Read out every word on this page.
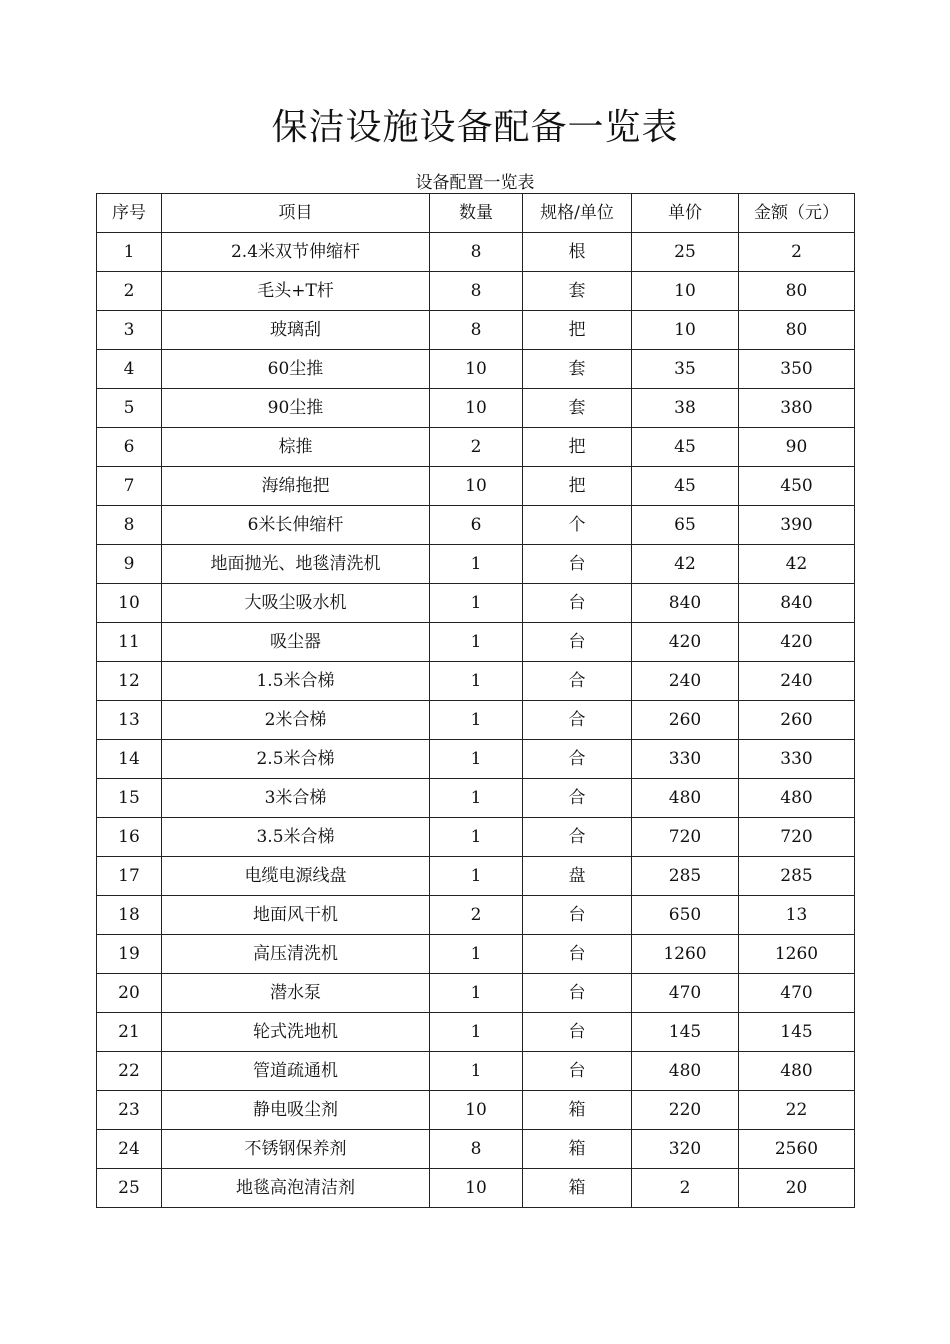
保洁设施设备配备一览表
设备配置一览表
序号	项目	数量	规格/单位	单价	金额（元）
1	2.4米双节伸缩杆	8	根	25	2
2	毛头+T杆	8	套	10	80
3	玻璃刮	8	把	10	80
4	60尘推	10	套	35	350
5	90尘推	10	套	38	380
6	棕推	2	把	45	90
7	海绵拖把	10	把	45	450
8	6米长伸缩杆	6	个	65	390
9	地面抛光、地毯清洗机	1	台	42	42
10	大吸尘吸水机	1	台	840	840
11	吸尘器	1	台	420	420
12	1.5米合梯	1	合	240	240
13	2米合梯	1	合	260	260
14	2.5米合梯	1	合	330	330
15	3米合梯	1	合	480	480
16	3.5米合梯	1	合	720	720
17	电缆电源线盘	1	盘	285	285
18	地面风干机	2	台	650	13
19	高压清洗机	1	台	1260	1260
20	潜水泵	1	台	470	470
21	轮式洗地机	1	台	145	145
22	管道疏通机	1	台	480	480
23	静电吸尘剂	10	箱	220	22
24	不锈钢保养剂	8	箱	320	2560
25	地毯高泡清洁剂	10	箱	2	20
